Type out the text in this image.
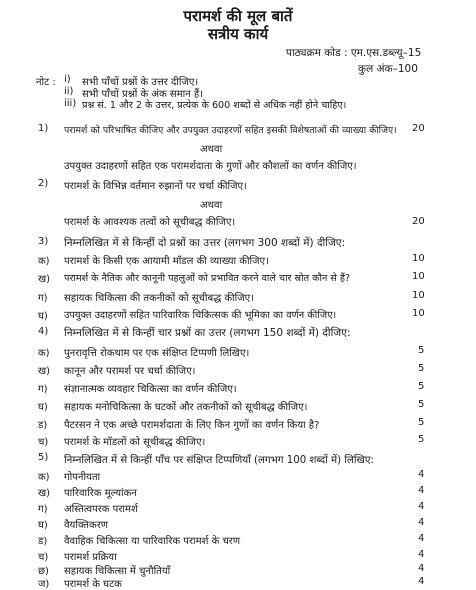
परामर्श की मूल बातें
सत्रीय कार्य
पाठ्यक्रम कोड : एम.एस.डब्ल्यू–15
कुल अंक–100
नोट : i) सभी पाँचों प्रश्नों के उत्तर दीजिए।
ii) सभी पाँचों प्रश्नों के अंक समान हैं।
iii) प्रश्न सं. 1 और 2 के उत्तर, प्रत्येक के 600 शब्दों से अधिक नहीं होने चाहिए।
1) परामर्श को परिभाषित कीजिए और उपयुक्त उदाहरणों सहित इसकी विशेषताओं की व्याख्या कीजिए। 20
अथवा
उपयुक्त उदाहरणों सहित एक परामर्शदाता के गुणों और कौशलों का वर्णन कीजिए।
2) परामर्श के विभिन्न वर्तमान रुझानों पर चर्चा कीजिए।
अथवा
परामर्श के आवश्यक तत्वों को सूचीबद्ध कीजिए।	20
3) निम्नलिखित में से किन्हीं दो प्रश्नों का उत्तर (लगभग 300 शब्दों में) दीजिए:
क) परामर्श के किसी एक आयामी मॉडल की व्याख्या कीजिए।	10
ख) परामर्श के नैतिक और कानूनी पहलुओं को प्रभावित करने वाले चार स्रोत कौन से हैं?	10
ग) सहायक चिकित्सा की तकनीकों को सूचीबद्ध कीजिए।	10
घ) उपयुक्त उदाहरणों सहित पारिवारिक चिकित्सक की भूमिका का वर्णन कीजिए।	10
4) निम्नलिखित में से किन्हीं चार प्रश्नों का उत्तर (लगभग 150 शब्दों में) दीजिए:
क) पुनरावृत्ति रोकथाम पर एक संक्षिप्त टिप्पणी लिखिए।	5
ख) कानून और परामर्श पर चर्चा कीजिए।	5
ग) संज्ञानात्मक व्यवहार चिकित्सा का वर्णन कीजिए।	5
घ) सहायक मनोचिकित्सा के घटकों और तकनीकों को सूचीबद्ध कीजिए।	5
ड) पैटरसन ने एक अच्छे परामर्शदाता के लिए किन गुणों का वर्णन किया है?	5
च) परामर्श के मॉडलों को सूचीबद्ध कीजिए।	5
5) निम्नलिखित में से किन्हीं पाँच पर संक्षिप्त टिप्पणियाँ (लगभग 100 शब्दों में) लिखिए:
क) गोपनीयता	4
ख) पारिवारिक मूल्यांकन	4
ग) अस्तित्वपरक परामर्श	4
घ) वैयक्तिकरण	4
ड) वैवाहिक चिकित्सा या पारिवारिक परामर्श के चरण	4
च) परामर्श प्रक्रिया	4
छ) सहायक चिकित्सा में चुनौतियाँ	4
ज) परामर्श के घटक	4
